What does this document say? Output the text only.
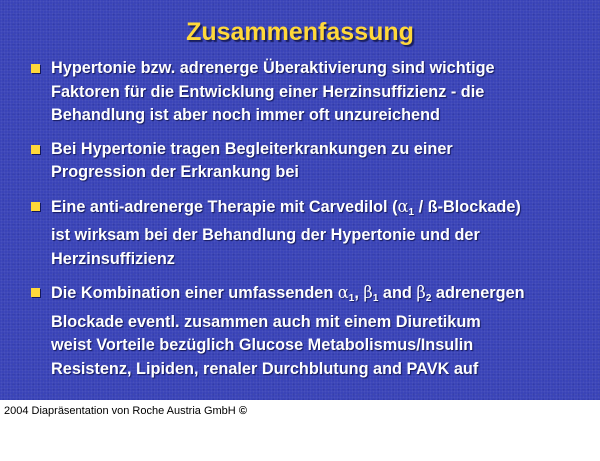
Zusammenfassung
Hypertonie bzw. adrenerge Überaktivierung sind wichtige
Faktoren für die Entwicklung einer Herzinsuffizienz - die
Behandlung ist aber noch immer oft unzureichend
Bei Hypertonie tragen Begleiterkrankungen zu einer
Progression der Erkrankung bei
Eine anti-adrenerge Therapie mit Carvedilol ($\alpha_1$ / ß-Blockade)
ist wirksam bei der Behandlung der Hypertonie und der
Herzinsuffizienz
Die Kombination einer umfassenden $\alpha_1$, $\beta_1$ and $\beta_2$ adrenergen
Blockade eventl. zusammen auch mit einem Diuretikum
weist Vorteile bezüglich Glucose Metabolismus/Insulin
Resistenz, Lipiden, renaler Durchblutung and PAVK auf
2004 Diapräsentation von Roche Austria GmbH ©
